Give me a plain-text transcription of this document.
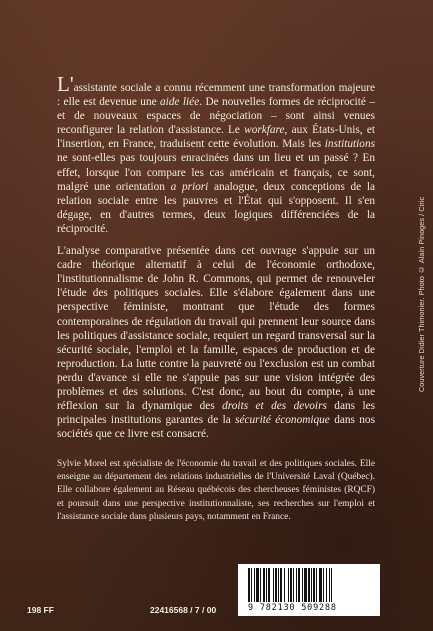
L'assistante sociale a connu récemment une transformation majeure : elle est devenue une aide liée. De nouvelles formes de réciprocité – et de nouveaux espaces de négociation – sont ainsi venues reconfigurer la relation d'assistance. Le workfare, aux États-Unis, et l'insertion, en France, traduisent cette évolution. Mais les institutions ne sont-elles pas toujours enracinées dans un lieu et un passé ? En effet, lorsque l'on compare les cas américain et français, ce sont, malgré une orientation a priori analogue, deux conceptions de la relation sociale entre les pauvres et l'État qui s'opposent. Il s'en dégage, en d'autres termes, deux logiques différenciées de la réciprocité.

L'analyse comparative présentée dans cet ouvrage s'appuie sur un cadre théorique alternatif à celui de l'économie orthodoxe, l'institutionnalisme de John R. Commons, qui permet de renouveler l'étude des politiques sociales. Elle s'élabore également dans une perspective féministe, montrant que l'étude des formes contemporaines de régulation du travail qui prennent leur source dans les politiques d'assistance sociale, requiert un regard transversal sur la sécurité sociale, l'emploi et la famille, espaces de production et de reproduction. La lutte contre la pauvreté ou l'exclusion est un combat perdu d'avance si elle ne s'appuie pas sur une vision intégrée des problèmes et des solutions. C'est donc, au bout du compte, à une réflexion sur la dynamique des droits et des devoirs dans les principales institutions garantes de la sécurité économique dans nos sociétés que ce livre est consacré.

Sylvie Morel est spécialiste de l'économie du travail et des politiques sociales. Elle enseigne au département des relations industrielles de l'Université Laval (Québec). Elle collabore également au Réseau québécois des chercheuses féministes (RQCF) et poursuit dans une perspective institutionnaliste, ses recherches sur l'emploi et l'assistance sociale dans plusieurs pays, notamment en France.

Couverture Didier Thimonier. Photo © Alain Pinoges / Ciric
198 FF	22416568 / 7 / 00	9 782130 509288
